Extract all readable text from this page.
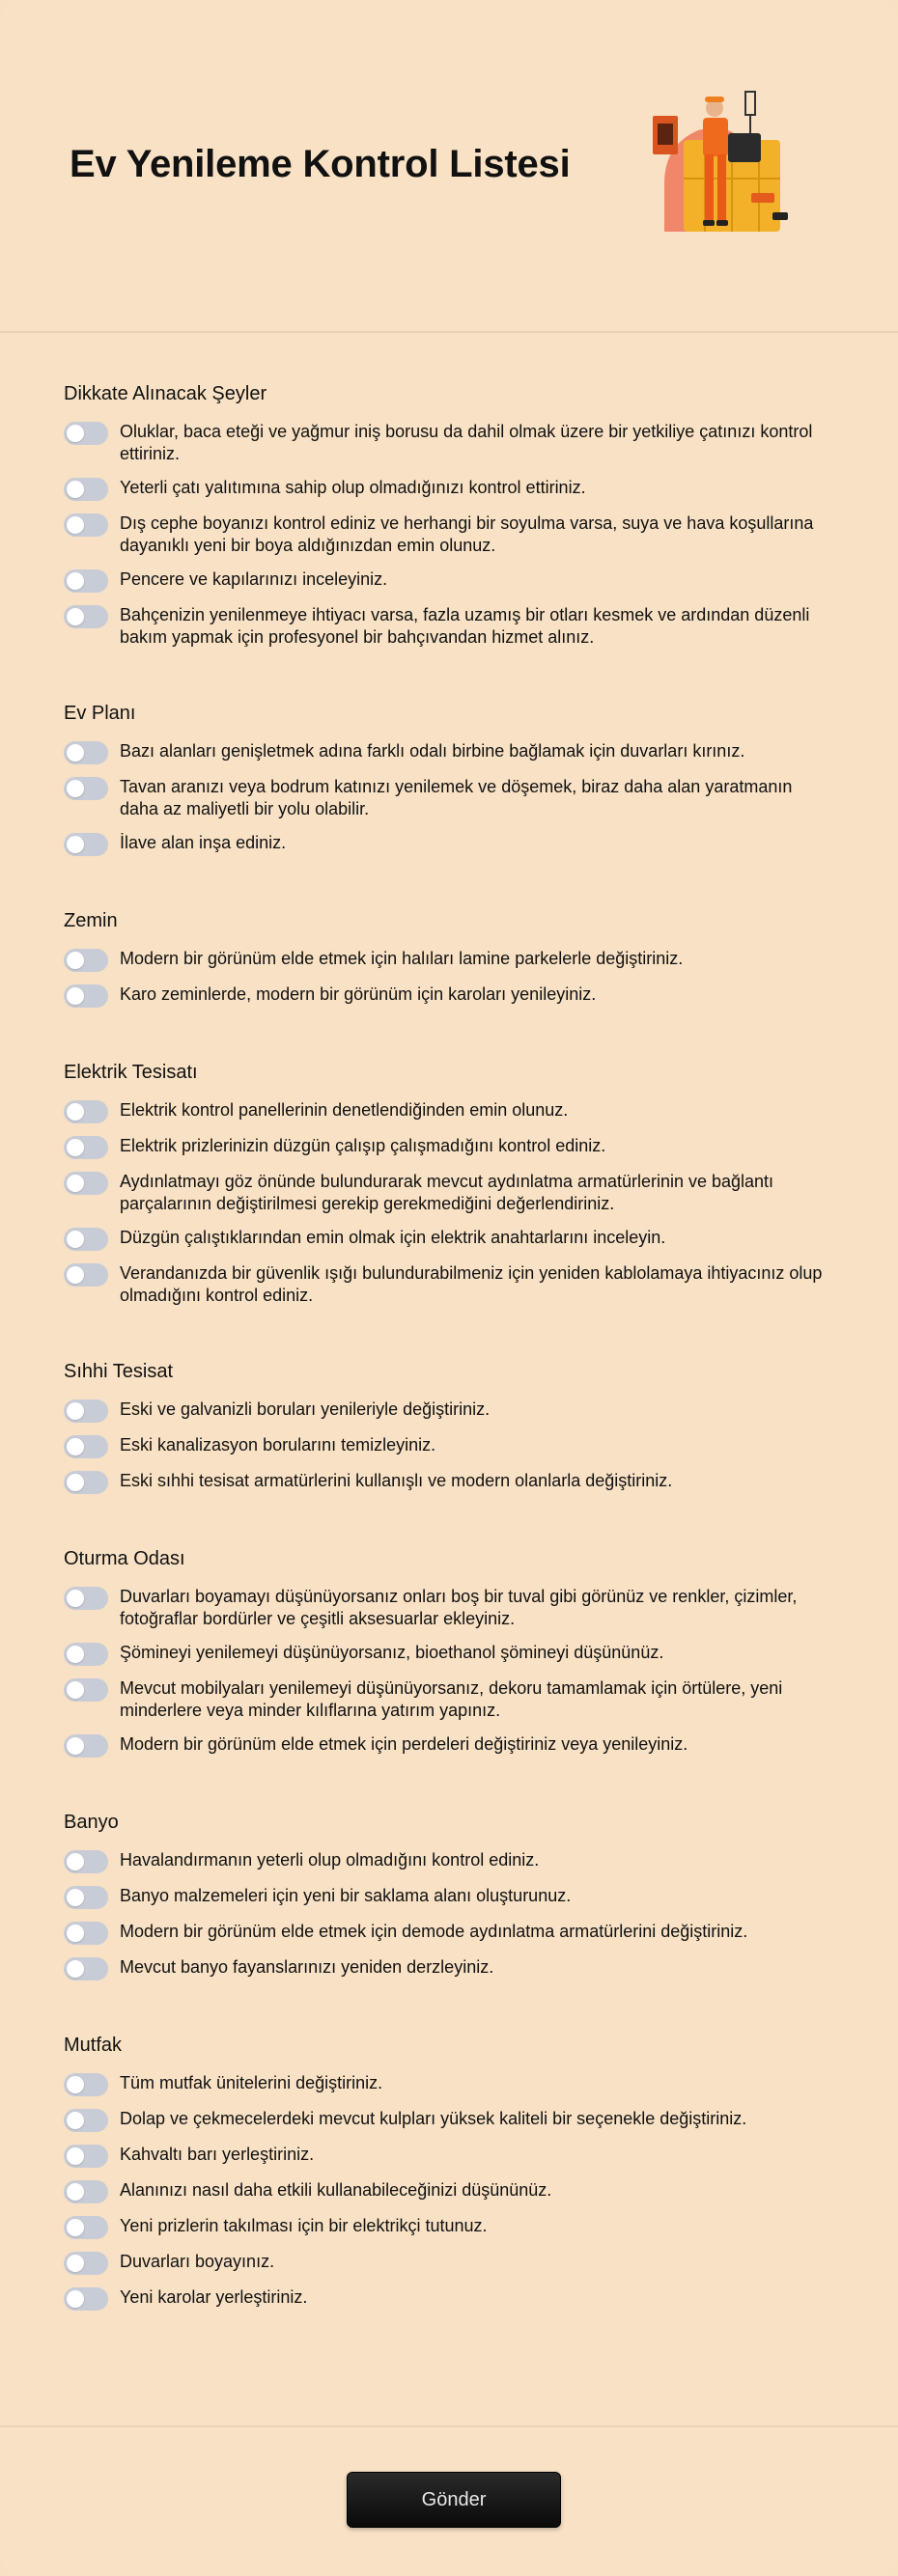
Ev Yenileme Kontrol Listesi
Dikkate Alınacak Şeyler
Oluklar, baca eteği ve yağmur iniş borusu da dahil olmak üzere bir yetkiliye çatınızı kontrol ettiriniz.
Yeterli çatı yalıtımına sahip olup olmadığınızı kontrol ettiriniz.
Dış cephe boyanızı kontrol ediniz ve herhangi bir soyulma varsa, suya ve hava koşullarına dayanıklı yeni bir boya aldığınızdan emin olunuz.
Pencere ve kapılarınızı inceleyiniz.
Bahçenizin yenilenmeye ihtiyacı varsa, fazla uzamış bir otları kesmek ve ardından düzenli bakım yapmak için profesyonel bir bahçıvandan hizmet alınız.
Ev Planı
Bazı alanları genişletmek adına farklı odalı birbine bağlamak için duvarları kırınız.
Tavan aranızı veya bodrum katınızı yenilemek ve döşemek, biraz daha alan yaratmanın daha az maliyetli bir yolu olabilir.
İlave alan inşa ediniz.
Zemin
Modern bir görünüm elde etmek için halıları lamine parkelerle değiştiriniz.
Karo zeminlerde, modern bir görünüm için karoları yenileyiniz.
Elektrik Tesisatı
Elektrik kontrol panellerinin denetlendiğinden emin olunuz.
Elektrik prizlerinizin düzgün çalışıp çalışmadığını kontrol ediniz.
Aydınlatmayı göz önünde bulundurarak mevcut aydınlatma armatürlerinin ve bağlantı parçalarının değiştirilmesi gerekip gerekmediğini değerlendiriniz.
Düzgün çalıştıklarından emin olmak için elektrik anahtarlarını inceleyin.
Verandanızda bir güvenlik ışığı bulundurabilmeniz için yeniden kablolamaya ihtiyacınız olup olmadığını kontrol ediniz.
Sıhhi Tesisat
Eski ve galvanizli boruları yenileriyle değiştiriniz.
Eski kanalizasyon borularını temizleyiniz.
Eski sıhhi tesisat armatürlerini kullanışlı ve modern olanlarla değiştiriniz.
Oturma Odası
Duvarları boyamayı düşünüyorsanız onları boş bir tuval gibi görünüz ve renkler, çizimler, fotoğraflar bordürler ve çeşitli aksesuarlar ekleyiniz.
Şömineyi yenilemeyi düşünüyorsanız, bioethanol şömineyi düşününüz.
Mevcut mobilyaları yenilemeyi düşünüyorsanız, dekoru tamamlamak için örtülere, yeni minderlere veya minder kılıflarına yatırım yapınız.
Modern bir görünüm elde etmek için perdeleri değiştiriniz veya yenileyiniz.
Banyo
Havalandırmanın yeterli olup olmadığını kontrol ediniz.
Banyo malzemeleri için yeni bir saklama alanı oluşturunuz.
Modern bir görünüm elde etmek için demode aydınlatma armatürlerini değiştiriniz.
Mevcut banyo fayanslarınızı yeniden derzleyiniz.
Mutfak
Tüm mutfak ünitelerini değiştiriniz.
Dolap ve çekmecelerdeki mevcut kulpları yüksek kaliteli bir seçenekle değiştiriniz.
Kahvaltı barı yerleştiriniz.
Alanınızı nasıl daha etkili kullanabileceğinizi düşününüz.
Yeni prizlerin takılması için bir elektrikçi tutunuz.
Duvarları boyayınız.
Yeni karolar yerleştiriniz.
Gönder
